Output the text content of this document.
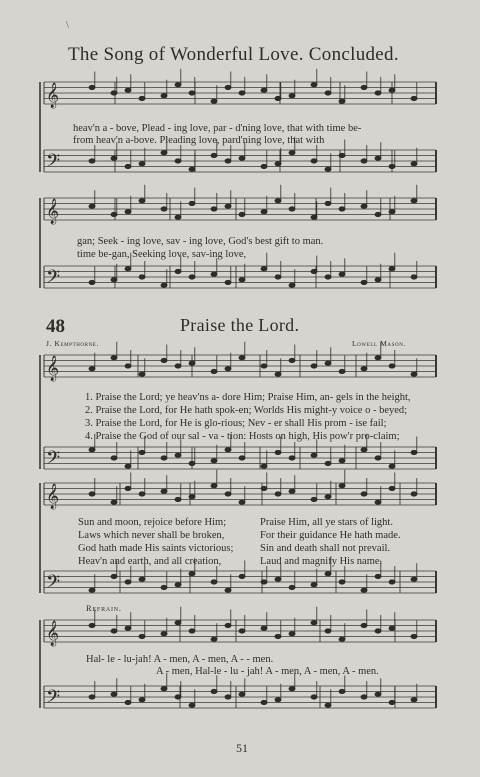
𝄞
𝄢
𝄞
𝄢
𝄞
𝄢
𝄞
𝄢
𝄞
𝄢
\
The Song of Wonderful Love. Concluded.
heav'n a - bove, Plead - ing love, par - d'ning love, that with time be-
from heav'n a-bove. Pleading love, pard'ning love, that with
gan; Seek - ing love, sav - ing love, God's best gift to man.
time be-gan, Seeking love, sav-ing love,
48	Praise the Lord.
J. Kempthorne.	Lowell Mason.
1. Praise the Lord; ye heav'ns a- dore Him; Praise Him, an- gels in the height,
2. Praise the Lord, for He hath spok-en; Worlds His might-y voice o - beyed;
3. Praise the Lord, for He is glo-rious; Nev - er shall His prom - ise fail;
4. Praise the God of our sal - va - tion: Hosts on high, His pow'r pro-claim;
Sun and moon, rejoice before Him;
Laws which never shall be broken,
God hath made His saints victorious;
Heav'n and earth, and all creation,
Praise Him, all ye stars of light.
For their guidance He hath made.
Sin and death shall not prevail.
Laud and magnify His name.
Refrain.
Hal- le - lu-jah! A - men, A - men, A - - men.
A - men, Hal-le - lu - jah! A - men, A - men, A - men.
51
